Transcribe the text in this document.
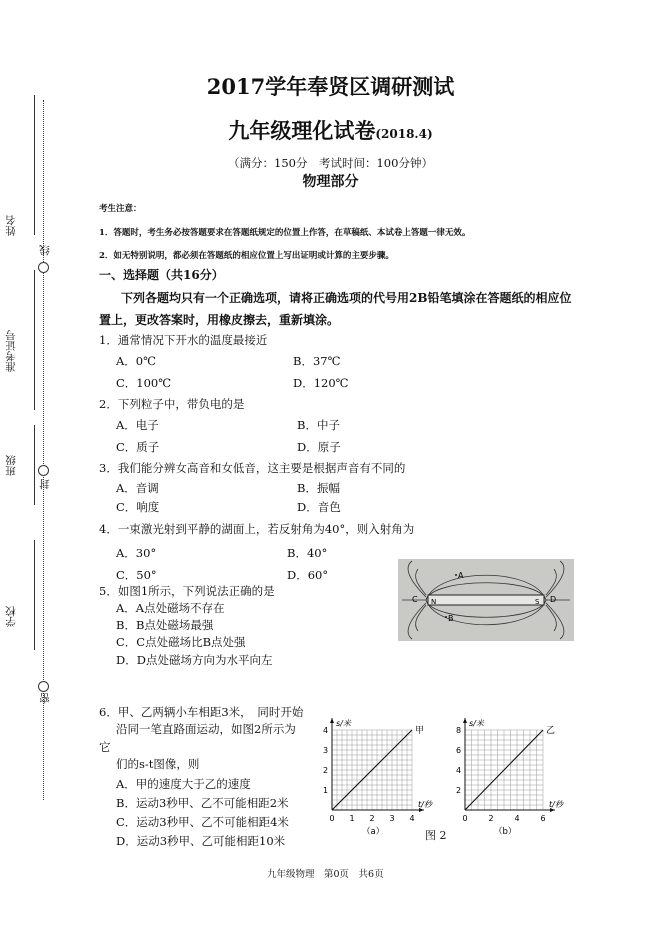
姓名
准考证号
班级
学校
线
封
密
2017学年奉贤区调研测试
九年级理化试卷(2018.4)
（满分：150分　考试时间：100分钟）
物理部分
考生注意：
1．答题时，考生务必按答题要求在答题纸规定的位置上作答，在草稿纸、本试卷上答题一律无效。
2．如无特别说明，都必须在答题纸的相应位置上写出证明或计算的主要步骤。
一、选择题（共16分）
下列各题均只有一个正确选项，请将正确选项的代号用2B铅笔填涂在答题纸的相应位
置上，更改答案时，用橡皮擦去，重新填涂。
1．通常情况下开水的温度最接近
A．0℃	B．37℃
C．100℃	D．120℃
2．下列粒子中，带负电的是
A．电子	B．中子
C．质子	D．原子
3．我们能分辨女高音和女低音，这主要是根据声音有不同的
A．音调	B．振幅
C．响度	D．音色
4．一束激光射到平静的湖面上，若反射角为40°，则入射角为
A．30°	B．40°
C．50°	D．60°
5．如图1所示，下列说法正确的是
A．A点处磁场不存在
B．B点处磁场最强
C．C点处磁场比B点处强
D．D点处磁场方向为水平向左
N	S
A
B
C	D
6．甲、乙两辆小车相距3米，　同时开始
沿同一笔直路面运动，如图2所示为
它
们的s-t图像，则
A．甲的速度大于乙的速度
B．运动3秒甲、乙不可能相距2米
C．运动3秒甲、乙不可能相距4米
D．运动3秒甲、乙可能相距10米
4
3
2
1
0 1 2 3 4
s/米
t/秒
甲
（a）
8
6
4
2
0	2	4	6
s/米
t/秒
乙
（b）
图 2
九年级物理　第0页　共6页
